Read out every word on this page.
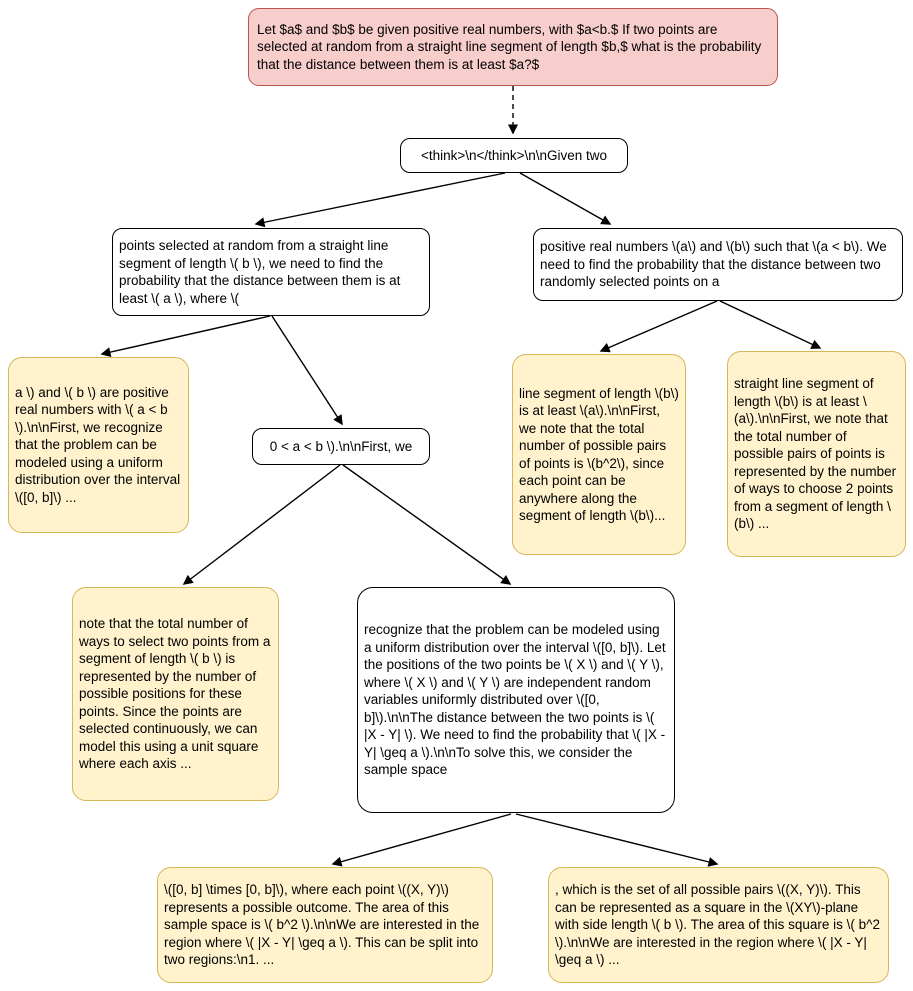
Let $a$ and $b$ be given positive real numbers, with $a<b.$ If two points are selected at random from a straight line segment of length $b,$ what is the probability that the distance between them is at least $a?$
<think>\n</think>\n\nGiven two
points selected at random from a straight line segment of length \( b \), we need to find the probability that the distance between them is at least \( a \), where \(
positive real numbers \(a\) and \(b\) such that \(a < b\). We need to find the probability that the distance between two randomly selected points on a
a \) and \( b \) are positive real numbers with \( a < b \).\n\nFirst, we recognize that the problem can be modeled using a uniform distribution over the interval \([0, b]\) ...
0 < a < b \).\n\nFirst, we
line segment of length \(b\) is at least \(a\).\n\nFirst, we note that the total number of possible pairs of points is \(b^2\), since each point can be anywhere along the segment of length \(b\)...
straight line segment of length \(b\) is at least \(a\).\n\nFirst, we note that the total number of possible pairs of points is represented by the number of ways to choose 2 points from a segment of length \(b\) ...
note that the total number of ways to select two points from a segment of length \( b \) is represented by the number of possible positions for these points. Since the points are selected continuously, we can model this using a unit square where each axis ...
recognize that the problem can be modeled using a uniform distribution over the interval \([0, b]\). Let the positions of the two points be \( X \) and \( Y \), where \( X \) and \( Y \) are independent random variables uniformly distributed over \([0, b]\).\n\nThe distance between the two points is \( |X - Y| \). We need to find the probability that \( |X - Y| \geq a \).\n\nTo solve this, we consider the sample space
\([0, b] \times [0, b]\), where each point \((X, Y)\) represents a possible outcome. The area of this sample space is \( b^2 \).\n\nWe are interested in the region where \( |X - Y| \geq a \). This can be split into two regions:\n1. ...
, which is the set of all possible pairs \((X, Y)\). This can be represented as a square in the \(XY\)-plane with side length \( b \). The area of this square is \( b^2 \).\n\nWe are interested in the region where \( |X - Y| \geq a \) ...
